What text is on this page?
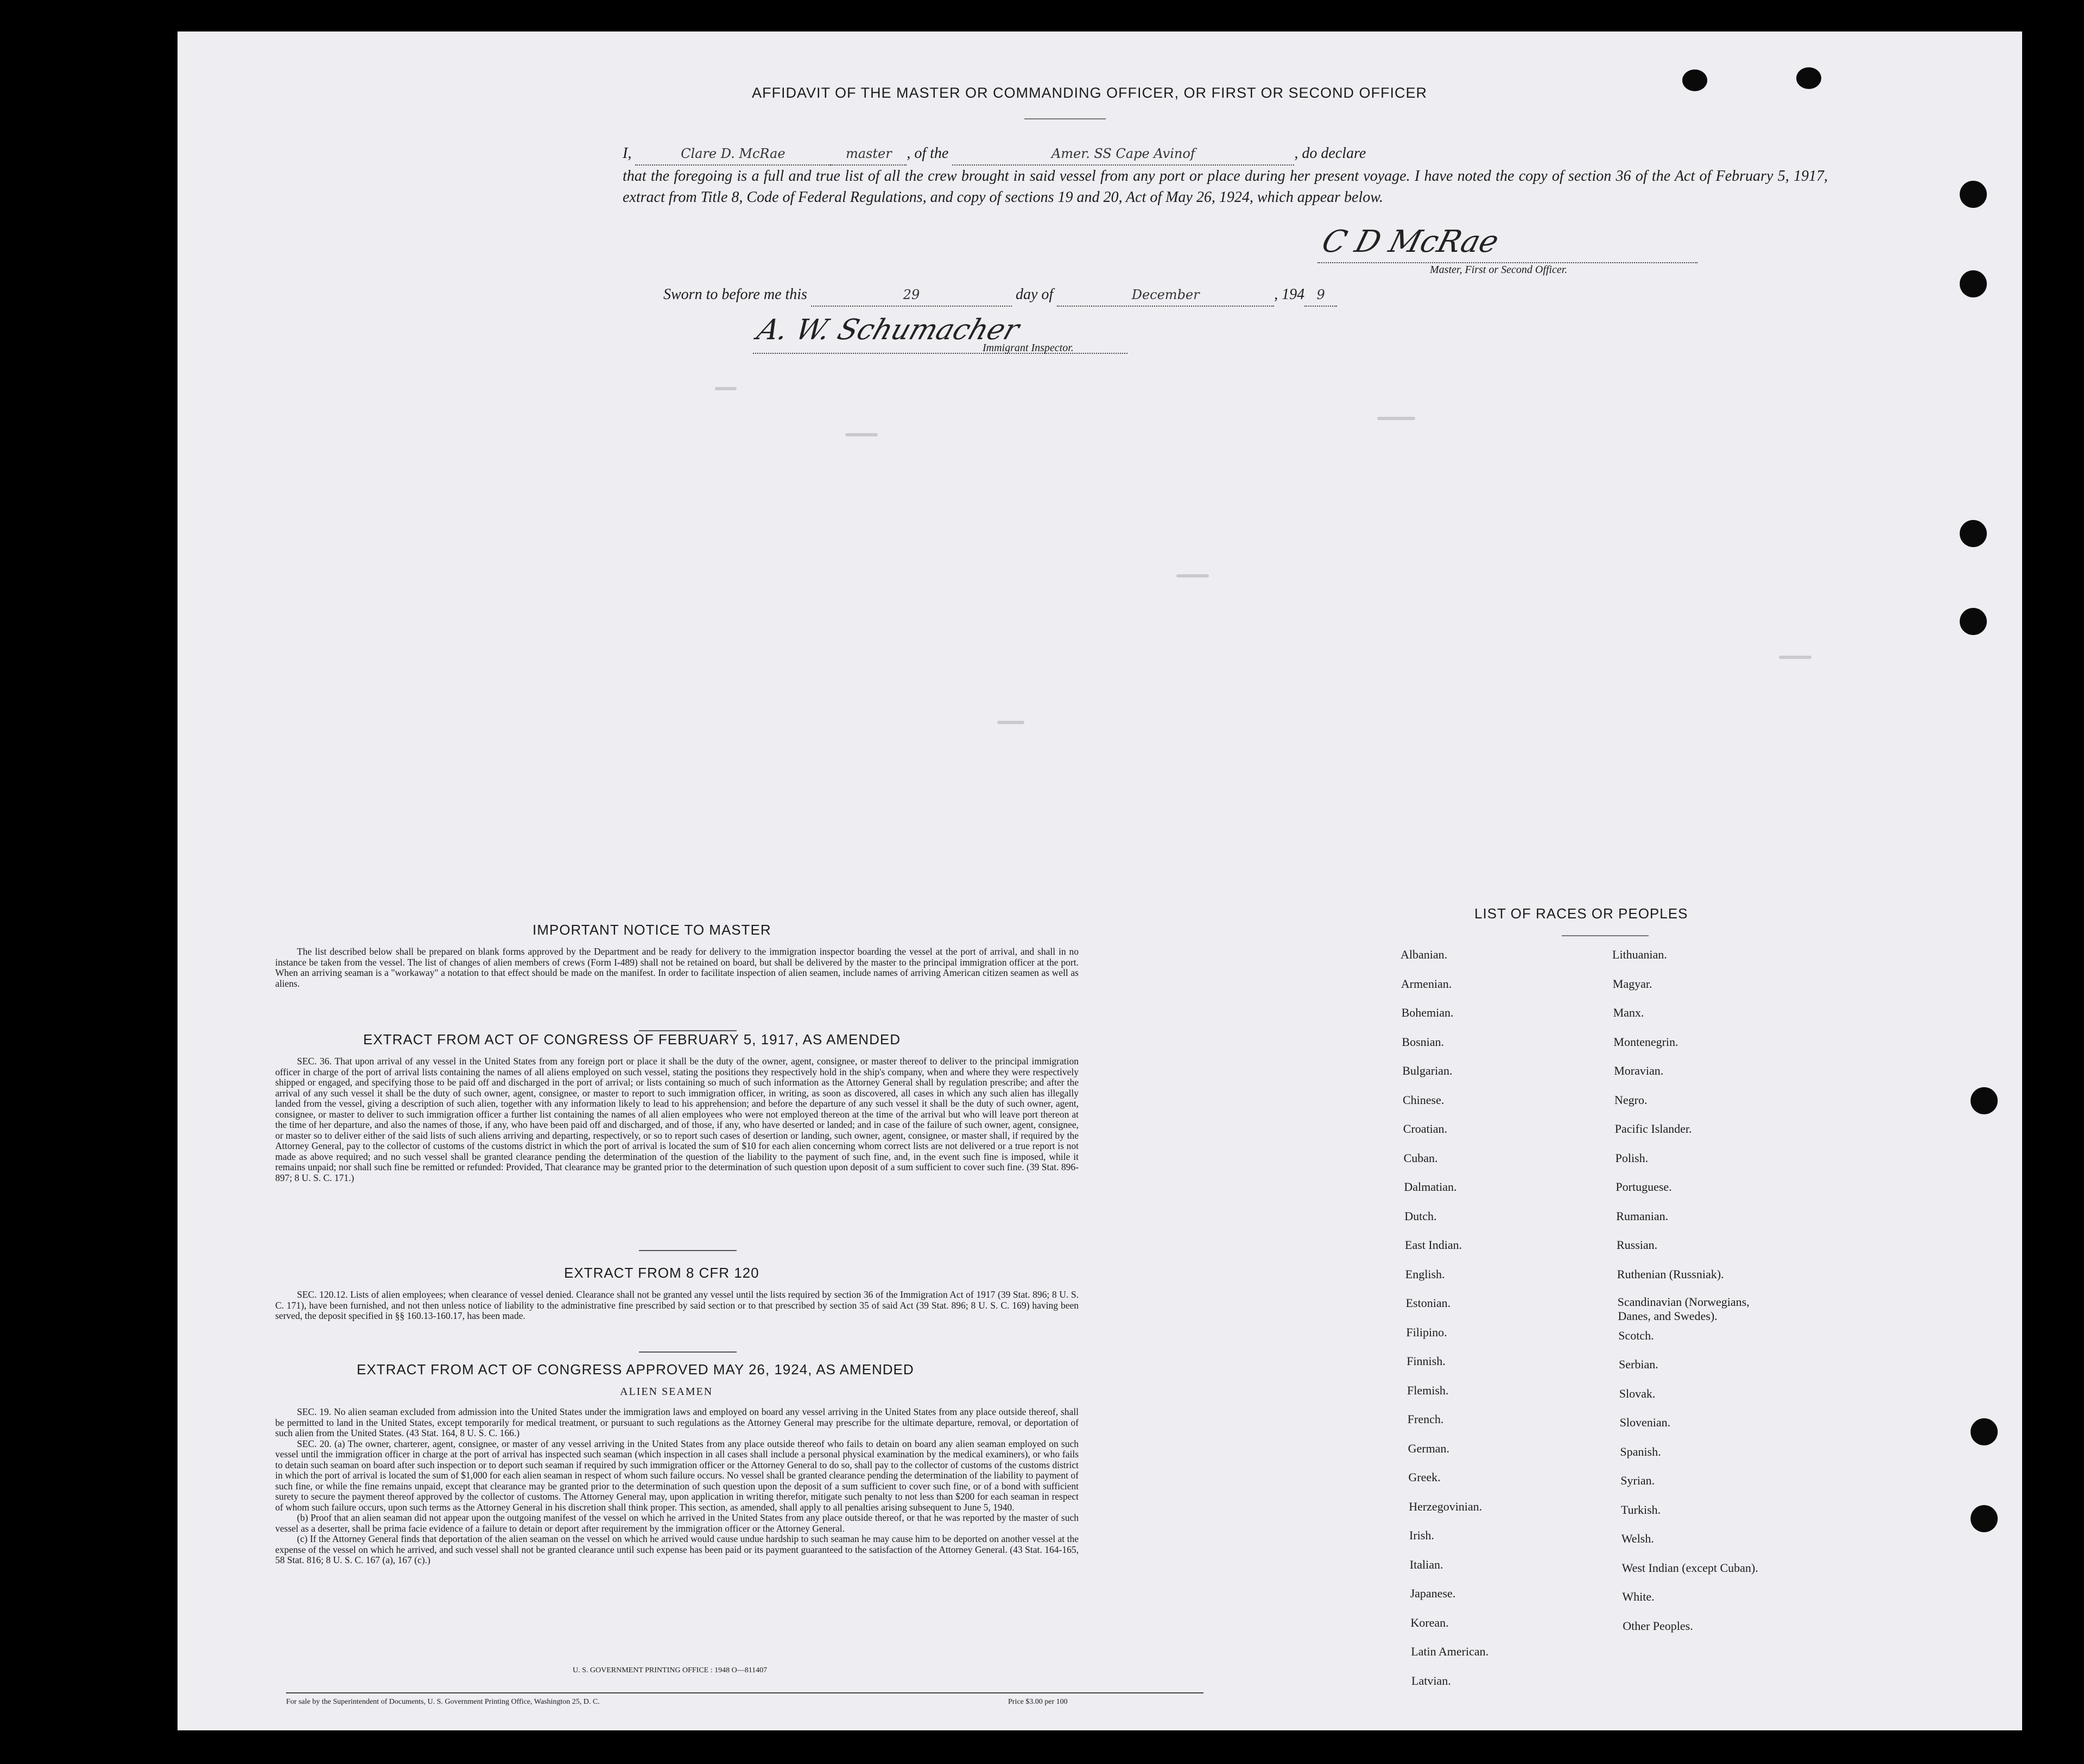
AFFIDAVIT OF THE MASTER OR COMMANDING OFFICER, OR FIRST OR SECOND OFFICER
I,	Clare D. McRae	master , of the	Amer. SS Cape Avinof	, do declare
that the foregoing is a full and true list of all the crew brought in said vessel from any port or place during her present voyage. I have noted the copy of section 36 of the Act of February 5, 1917, extract from Title 8, Code of Federal Regulations, and copy of sections 19 and 20, Act of May 26, 1924, which appear below.
C D McRae
Master, First or Second Officer.
Sworn to before me this	29	day of	December	, 194 9
A. W. Schumacher
Immigrant Inspector.
IMPORTANT NOTICE TO MASTER

The list described below shall be prepared on blank forms approved by the Department and be ready for delivery to the immigration inspector boarding the vessel at the port of arrival, and shall in no instance be taken from the vessel. The list of changes of alien members of crews (Form I-489) shall not be retained on board, but shall be delivered by the master to the principal immigration officer at the port. When an arriving seaman is a "workaway" a notation to that effect should be made on the manifest. In order to facilitate inspection of alien seamen, include names of arriving American citizen seamen as well as aliens.

EXTRACT FROM ACT OF CONGRESS OF FEBRUARY 5, 1917, AS AMENDED

SEC. 36. That upon arrival of any vessel in the United States from any foreign port or place it shall be the duty of the owner, agent, consignee, or master thereof to deliver to the principal immigration officer in charge of the port of arrival lists containing the names of all aliens employed on such vessel, stating the positions they respectively hold in the ship's company, when and where they were respectively shipped or engaged, and specifying those to be paid off and discharged in the port of arrival; or lists containing so much of such information as the Attorney General shall by regulation prescribe; and after the arrival of any such vessel it shall be the duty of such owner, agent, consignee, or master to report to such immigration officer, in writing, as soon as discovered, all cases in which any such alien has illegally landed from the vessel, giving a description of such alien, together with any information likely to lead to his apprehension; and before the departure of any such vessel it shall be the duty of such owner, agent, consignee, or master to deliver to such immigration officer a further list containing the names of all alien employees who were not employed thereon at the time of the arrival but who will leave port thereon at the time of her departure, and also the names of those, if any, who have been paid off and discharged, and of those, if any, who have deserted or landed; and in case of the failure of such owner, agent, consignee, or master so to deliver either of the said lists of such aliens arriving and departing, respectively, or so to report such cases of desertion or landing, such owner, agent, consignee, or master shall, if required by the Attorney General, pay to the collector of customs of the customs district in which the port of arrival is located the sum of $10 for each alien concerning whom correct lists are not delivered or a true report is not made as above required; and no such vessel shall be granted clearance pending the determination of the question of the liability to the payment of such fine, and, in the event such fine is imposed, while it remains unpaid; nor shall such fine be remitted or refunded: Provided, That clearance may be granted prior to the determination of such question upon deposit of a sum sufficient to cover such fine. (39 Stat. 896-897; 8 U. S. C. 171.)

EXTRACT FROM 8 CFR 120

SEC. 120.12. Lists of alien employees; when clearance of vessel denied. Clearance shall not be granted any vessel until the lists required by section 36 of the Immigration Act of 1917 (39 Stat. 896; 8 U. S. C. 171), have been furnished, and not then unless notice of liability to the administrative fine prescribed by said section or to that prescribed by section 35 of said Act (39 Stat. 896; 8 U. S. C. 169) having been served, the deposit specified in §§ 160.13-160.17, has been made.

EXTRACT FROM ACT OF CONGRESS APPROVED MAY 26, 1924, AS AMENDED
ALIEN SEAMEN

SEC. 19. No alien seaman excluded from admission into the United States under the immigration laws and employed on board any vessel arriving in the United States from any place outside thereof, shall be permitted to land in the United States, except temporarily for medical treatment, or pursuant to such regulations as the Attorney General may prescribe for the ultimate departure, removal, or deportation of such alien from the United States. (43 Stat. 164, 8 U. S. C. 166.)

SEC. 20. (a) The owner, charterer, agent, consignee, or master of any vessel arriving in the United States from any place outside thereof who fails to detain on board any alien seaman employed on such vessel until the immigration officer in charge at the port of arrival has inspected such seaman (which inspection in all cases shall include a personal physical examination by the medical examiners), or who fails to detain such seaman on board after such inspection or to deport such seaman if required by such immigration officer or the Attorney General to do so, shall pay to the collector of customs of the customs district in which the port of arrival is located the sum of $1,000 for each alien seaman in respect of whom such failure occurs. No vessel shall be granted clearance pending the determination of the liability to payment of such fine, or while the fine remains unpaid, except that clearance may be granted prior to the determination of such question upon the deposit of a sum sufficient to cover such fine, or of a bond with sufficient surety to secure the payment thereof approved by the collector of customs. The Attorney General may, upon application in writing therefor, mitigate such penalty to not less than $200 for each seaman in respect of whom such failure occurs, upon such terms as the Attorney General in his discretion shall think proper. This section, as amended, shall apply to all penalties arising subsequent to June 5, 1940.

(b) Proof that an alien seaman did not appear upon the outgoing manifest of the vessel on which he arrived in the United States from any place outside thereof, or that he was reported by the master of such vessel as a deserter, shall be prima facie evidence of a failure to detain or deport after requirement by the immigration officer or the Attorney General.

(c) If the Attorney General finds that deportation of the alien seaman on the vessel on which he arrived would cause undue hardship to such seaman he may cause him to be deported on another vessel at the expense of the vessel on which he arrived, and such vessel shall not be granted clearance until such expense has been paid or its payment guaranteed to the satisfaction of the Attorney General. (43 Stat. 164-165, 58 Stat. 816; 8 U. S. C. 167 (a), 167 (c).)

U. S. GOVERNMENT PRINTING OFFICE : 1948 O—811407
For sale by the Superintendent of Documents, U. S. Government Printing Office, Washington 25, D. C.	Price $3.00 per 100
LIST OF RACES OR PEOPLES
Albanian.
Armenian.
Bohemian.
Bosnian.
Bulgarian.
Chinese.
Croatian.
Cuban.
Dalmatian.
Dutch.
East Indian.
English.
Estonian.
Filipino.
Finnish.
Flemish.
French.
German.
Greek.
Herzegovinian.
Irish.
Italian.
Japanese.
Korean.
Latin American.
Latvian.
Lithuanian.
Magyar.
Manx.
Montenegrin.
Moravian.
Negro.
Pacific Islander.
Polish.
Portuguese.
Rumanian.
Russian.
Ruthenian (Russniak).
Scandinavian (Norwegians,
Danes, and Swedes).
Scotch.
Serbian.
Slovak.
Slovenian.
Spanish.
Syrian.
Turkish.
Welsh.
West Indian (except Cuban).
White.
Other Peoples.
